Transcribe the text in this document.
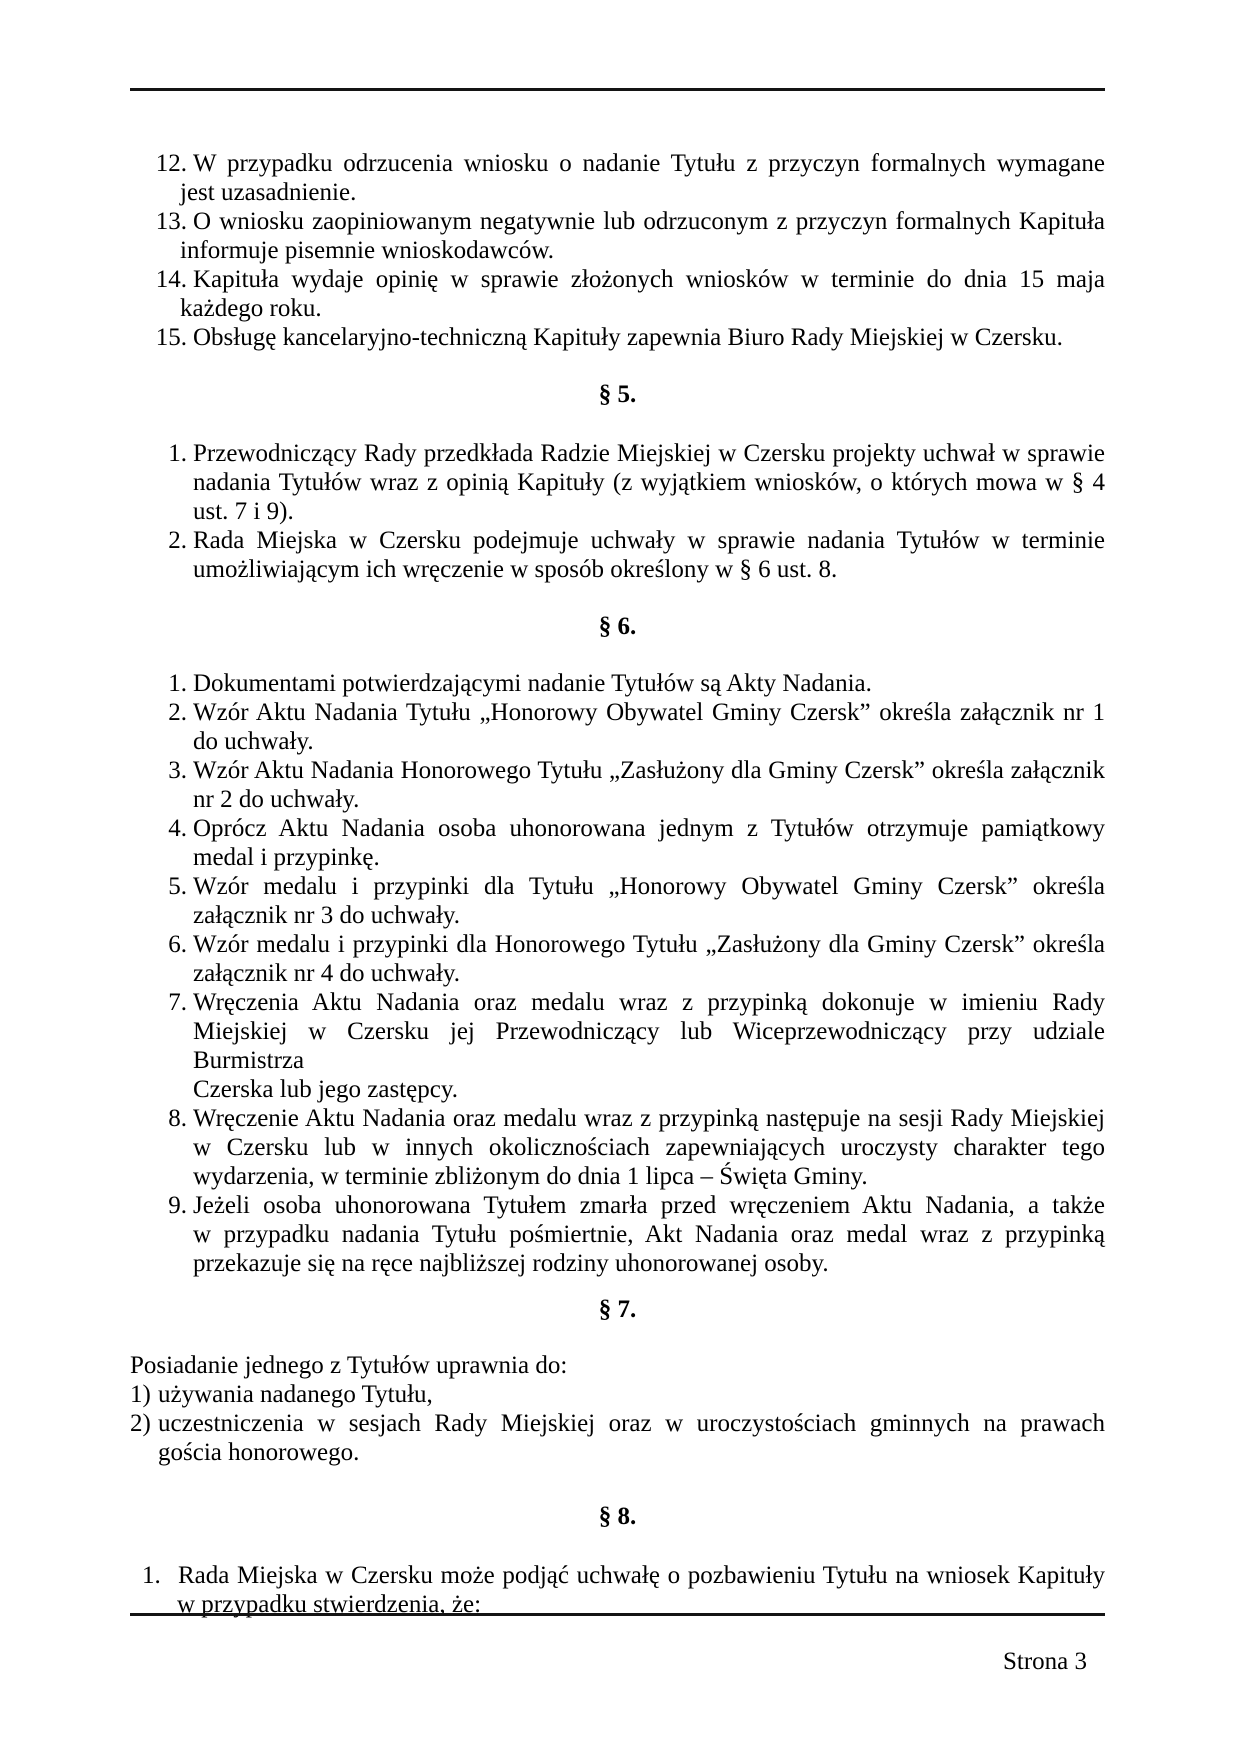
12. W przypadku odrzucenia wniosku o nadanie Tytułu z przyczyn formalnych wymagane
jest uzasadnienie.
13. O wniosku zaopiniowanym negatywnie lub odrzuconym z przyczyn formalnych Kapituła
informuje pisemnie wnioskodawców.
14. Kapituła wydaje opinię w sprawie złożonych wniosków w terminie do dnia 15 maja
każdego roku.
15. Obsługę kancelaryjno-techniczną Kapituły zapewnia Biuro Rady Miejskiej w Czersku.
§ 5.
1. Przewodniczący Rady przedkłada Radzie Miejskiej w Czersku projekty uchwał w sprawie
nadania Tytułów wraz z opinią Kapituły (z wyjątkiem wniosków, o których mowa w § 4
ust. 7 i 9).
2. Rada Miejska w Czersku podejmuje uchwały w sprawie nadania Tytułów w terminie
umożliwiającym ich wręczenie w sposób określony w § 6 ust. 8.
§ 6.
1. Dokumentami potwierdzającymi nadanie Tytułów są Akty Nadania.
2. Wzór Aktu Nadania Tytułu „Honorowy Obywatel Gminy Czersk” określa załącznik nr 1
do uchwały.
3. Wzór Aktu Nadania Honorowego Tytułu „Zasłużony dla Gminy Czersk” określa załącznik
nr 2 do uchwały.
4. Oprócz Aktu Nadania osoba uhonorowana jednym z Tytułów otrzymuje pamiątkowy
medal i przypinkę.
5. Wzór medalu i przypinki dla Tytułu „Honorowy Obywatel Gminy Czersk” określa
załącznik nr 3 do uchwały.
6. Wzór medalu i przypinki dla Honorowego Tytułu „Zasłużony dla Gminy Czersk” określa
załącznik nr 4 do uchwały.
7. Wręczenia Aktu Nadania oraz medalu wraz z przypinką dokonuje w imieniu Rady
Miejskiej w Czersku jej Przewodniczący lub Wiceprzewodniczący przy udziale Burmistrza
Czerska lub jego zastępcy.
8. Wręczenie Aktu Nadania oraz medalu wraz z przypinką następuje na sesji Rady Miejskiej
w Czersku lub w innych okolicznościach zapewniających uroczysty charakter tego
wydarzenia, w terminie zbliżonym do dnia 1 lipca – Święta Gminy.
9. Jeżeli osoba uhonorowana Tytułem zmarła przed wręczeniem Aktu Nadania, a także
w przypadku nadania Tytułu pośmiertnie, Akt Nadania oraz medal wraz z przypinką
przekazuje się na ręce najbliższej rodziny uhonorowanej osoby.
§ 7.
Posiadanie jednego z Tytułów uprawnia do:
1) używania nadanego Tytułu,
2) uczestniczenia w sesjach Rady Miejskiej oraz w uroczystościach gminnych na prawach
gościa honorowego.
§ 8.
1. Rada Miejska w Czersku może podjąć uchwałę o pozbawieniu Tytułu na wniosek Kapituły
w przypadku stwierdzenia, że:
Strona 3
